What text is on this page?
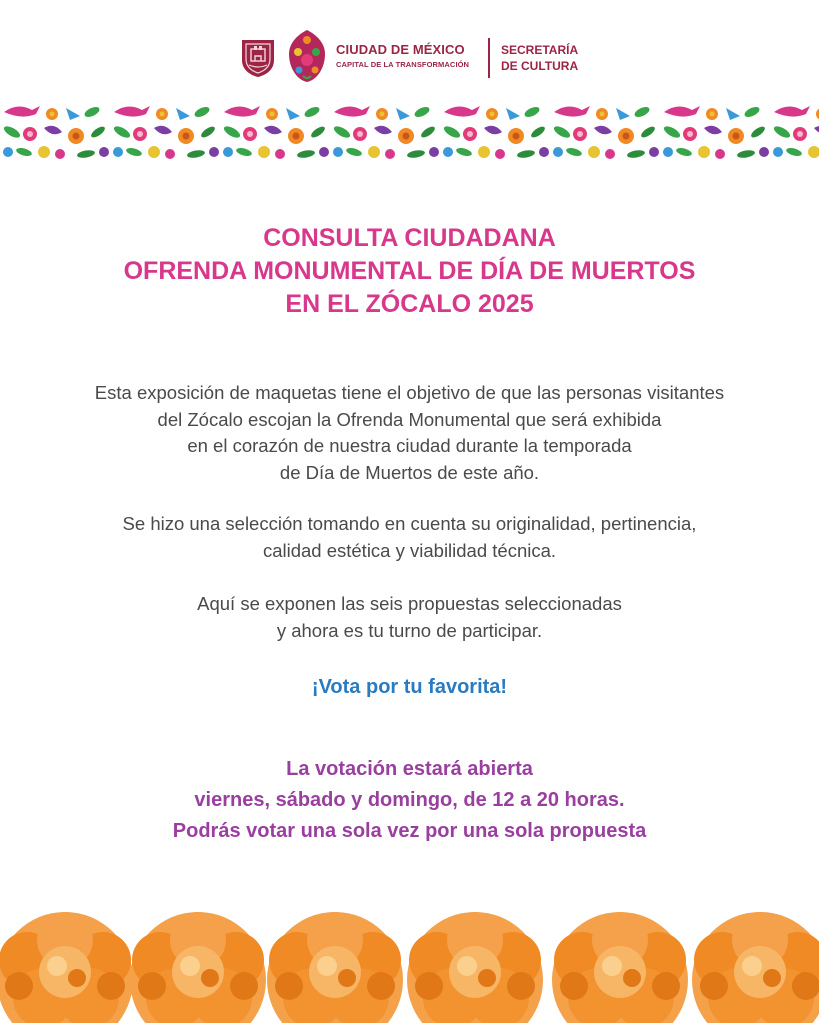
CIUDAD DE MÉXICO
CAPITAL DE LA TRANSFORMACIÓN
SECRETARÍA
DE CULTURA
CONSULTA CIUDADANA
OFRENDA MONUMENTAL DE DÍA DE MUERTOS
EN EL ZÓCALO 2025
Esta exposición de maquetas tiene el objetivo de que las personas visitantes
del Zócalo escojan la Ofrenda Monumental que será exhibida
en el corazón de nuestra ciudad durante la temporada
de Día de Muertos de este año.
Se hizo una selección tomando en cuenta su originalidad, pertinencia,
calidad estética y viabilidad técnica.
Aquí se exponen las seis propuestas seleccionadas
y ahora es tu turno de participar.
¡Vota por tu favorita!
La votación estará abierta
viernes, sábado y domingo, de 12 a 20 horas.
Podrás votar una sola vez por una sola propuesta
